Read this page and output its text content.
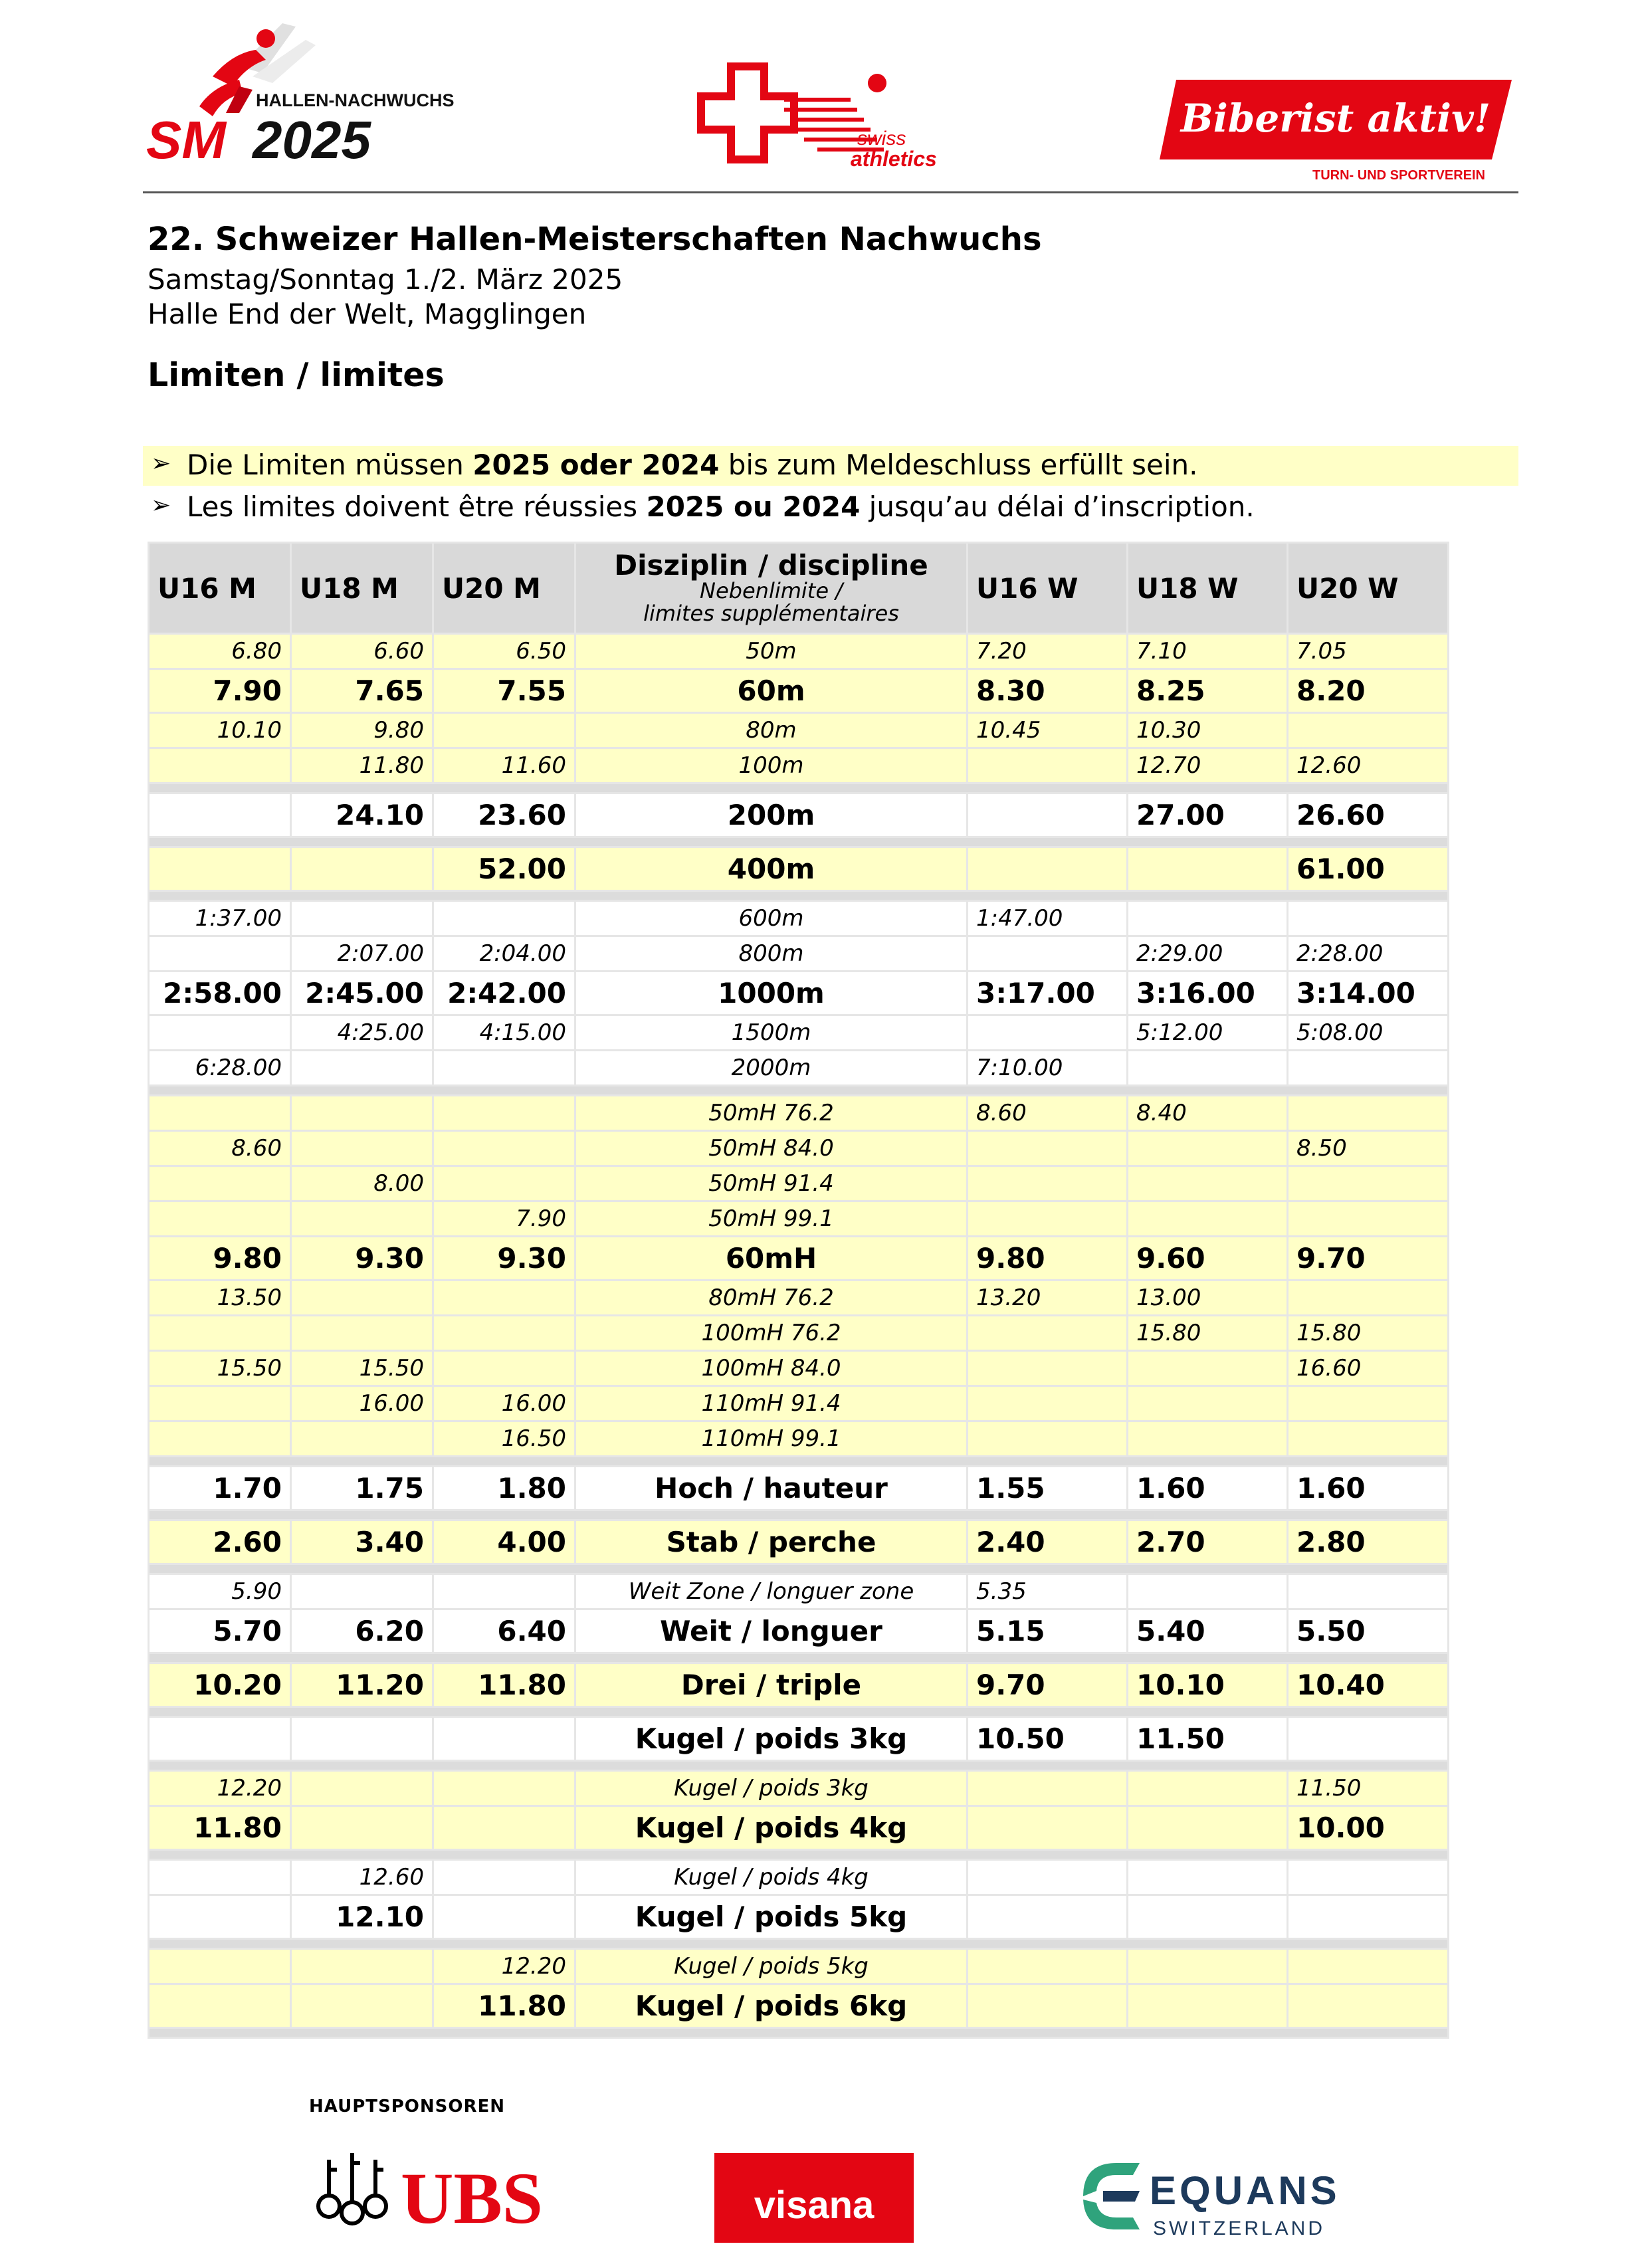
HALLEN-NACHWUCHS
SM 2025	swiss
athletics
Biberist aktiv!
TURN- UND SPORTVEREIN
22. Schweizer Hallen-Meisterschaften Nachwuchs
Samstag/Sonntag 1./2. März 2025
Halle End der Welt, Magglingen
Limiten / limites
➢ Die Limiten müssen 2025 oder 2024 bis zum Meldeschluss erfüllt sein.
➢ Les limites doivent être réussies 2025 ou 2024 jusqu’au délai d’inscription.
U16 M	U18 M	U20 M	Disziplin / discipline
Nebenlimite /
limites supplémentaires	U16 W	U18 W	U20 W
6.80	6.60	6.50	50m	7.20	7.10	7.05
7.90	7.65	7.55	60m	8.30	8.25	8.20
10.10	9.80		80m	10.45	10.30	
	11.80	11.60	100m		12.70	12.60

	24.10	23.60	200m		27.00	26.60

		52.00	400m			61.00

1:37.00			600m	1:47.00		
	2:07.00	2:04.00	800m		2:29.00	2:28.00
2:58.00	2:45.00	2:42.00	1000m	3:17.00	3:16.00	3:14.00
	4:25.00	4:15.00	1500m		5:12.00	5:08.00
6:28.00			2000m	7:10.00		

			50mH 76.2	8.60	8.40	
8.60			50mH 84.0			8.50
	8.00		50mH 91.4			
		7.90	50mH 99.1			
9.80	9.30	9.30	60mH	9.80	9.60	9.70
13.50			80mH 76.2	13.20	13.00	
			100mH 76.2		15.80	15.80
15.50	15.50		100mH 84.0			16.60
	16.00	16.00	110mH 91.4			
		16.50	110mH 99.1			

1.70	1.75	1.80	Hoch / hauteur	1.55	1.60	1.60

2.60	3.40	4.00	Stab / perche	2.40	2.70	2.80

5.90			Weit Zone / longuer zone	5.35		
5.70	6.20	6.40	Weit / longuer	5.15	5.40	5.50

10.20	11.20	11.80	Drei / triple	9.70	10.10	10.40

			Kugel / poids 3kg	10.50	11.50	

12.20			Kugel / poids 3kg			11.50
11.80			Kugel / poids 4kg			10.00

	12.60		Kugel / poids 4kg			
	12.10		Kugel / poids 5kg			

		12.20	Kugel / poids 5kg			
		11.80	Kugel / poids 6kg			

HAUPTSPONSOREN
UBS	visana	EQUANS
SWITZERLAND
